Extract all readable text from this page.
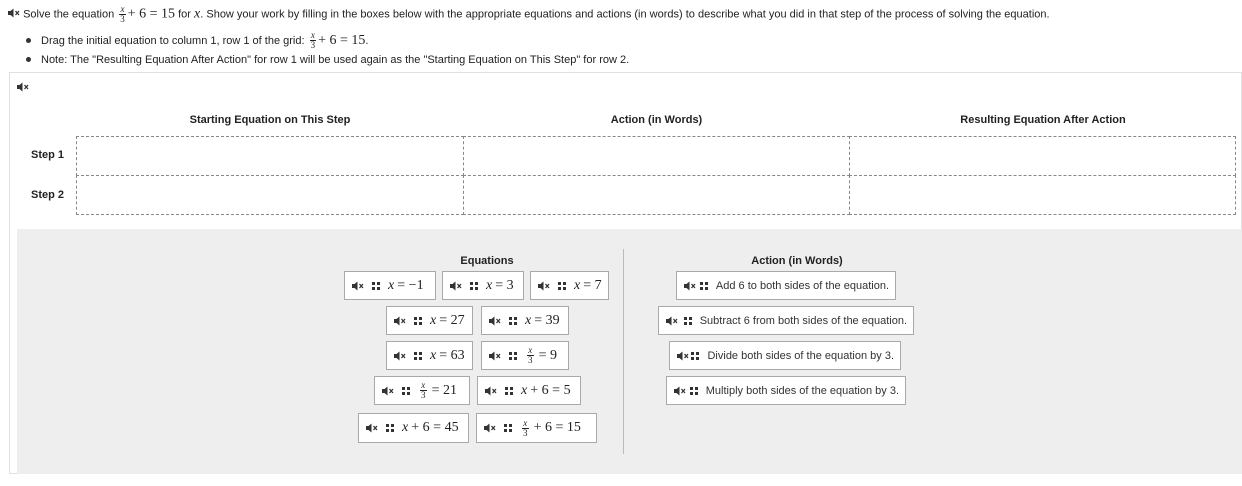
Solve the equation $\frac{x}{3} + 6 = 15$ for x. Show your work by filling in the boxes below with the appropriate equations and actions (in words) to describe what you did in that step of the process of solving the equation.
Drag the initial equation to column 1, row 1 of the grid:
$\frac{x}{3} + 6 = 15$ .
Note: The "Resulting Equation After Action" for row 1 will be used again as the "Starting Equation on This Step" for row 2.
Starting Equation on This Step	Action (in Words)	Resulting Equation After Action
Step 1
Step 2
Equations	Action (in Words)
x
= −1	x
= 3	x
= 7
x
= 27	x
= 39
x
= 63	$\frac{x}{3}$
= 9
$\frac{x}{3}$
= 21	x
+ 6 = 5
x
+ 6 = 45	$\frac{x}{3}$
+ 6 = 15
Add 6 to both sides of the equation.
Subtract 6 from both sides of the equation.
Divide both sides of the equation by 3.
Multiply both sides of the equation by 3.
